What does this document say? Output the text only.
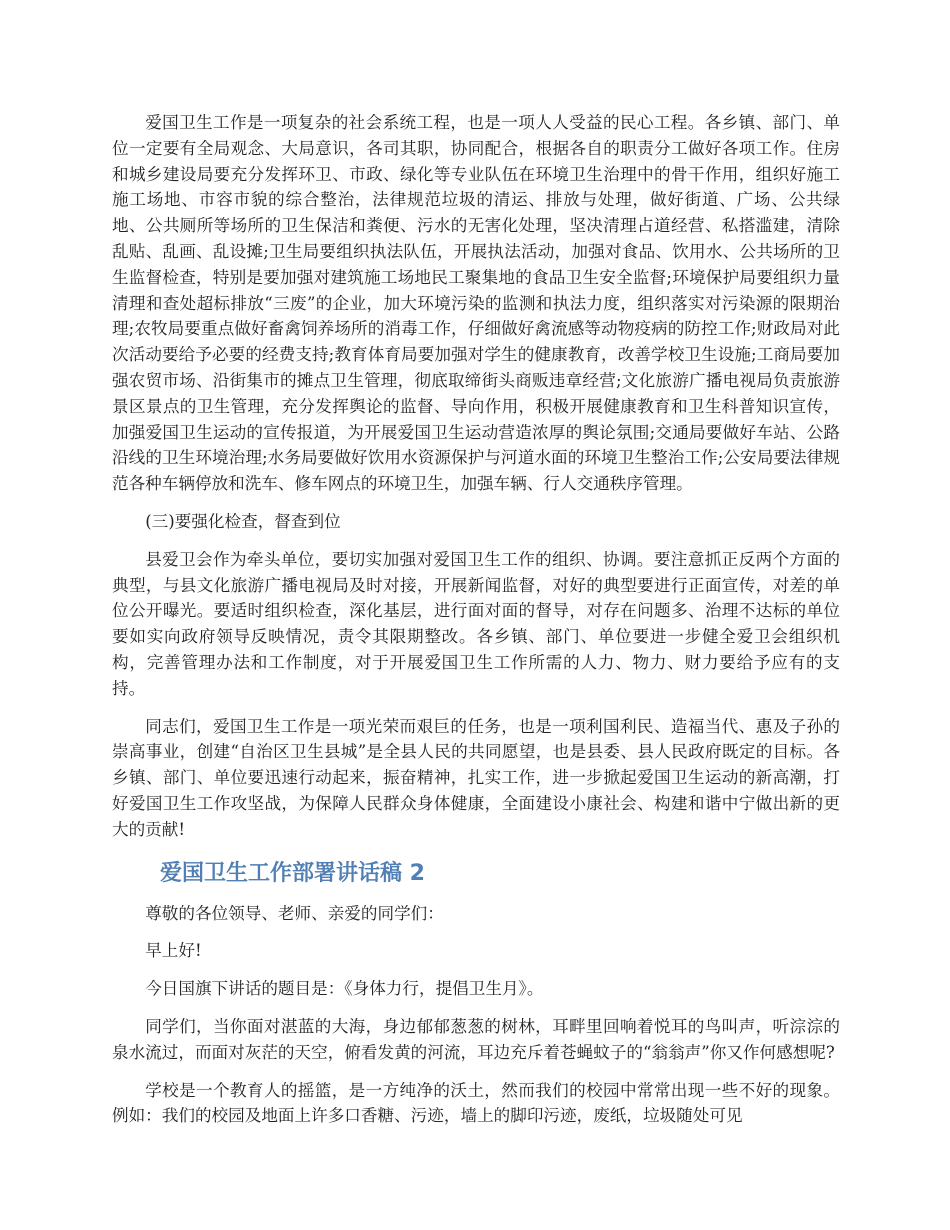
爱国卫生工作是一项复杂的社会系统工程，也是一项人人受益的民心工程。各乡镇、部门、单位一定要有全局观念、大局意识，各司其职，协同配合，根据各自的职责分工做好各项工作。住房和城乡建设局要充分发挥环卫、市政、绿化等专业队伍在环境卫生治理中的骨干作用，组织好施工施工场地、市容市貌的综合整治，法律规范垃圾的清运、排放与处理，做好街道、广场、公共绿地、公共厕所等场所的卫生保洁和粪便、污水的无害化处理，坚决清理占道经营、私搭滥建，清除乱贴、乱画、乱设摊;卫生局要组织执法队伍，开展执法活动，加强对食品、饮用水、公共场所的卫生监督检查，特别是要加强对建筑施工场地民工聚集地的食品卫生安全监督;环境保护局要组织力量清理和查处超标排放“三废”的企业，加大环境污染的监测和执法力度，组织落实对污染源的限期治理;农牧局要重点做好畜禽饲养场所的消毒工作，仔细做好禽流感等动物疫病的防控工作;财政局对此次活动要给予必要的经费支持;教育体育局要加强对学生的健康教育，改善学校卫生设施;工商局要加强农贸市场、沿街集市的摊点卫生管理，彻底取缔街头商贩违章经营;文化旅游广播电视局负责旅游景区景点的卫生管理，充分发挥舆论的监督、导向作用，积极开展健康教育和卫生科普知识宣传，加强爱国卫生运动的宣传报道，为开展爱国卫生运动营造浓厚的舆论氛围;交通局要做好车站、公路沿线的卫生环境治理;水务局要做好饮用水资源保护与河道水面的环境卫生整治工作;公安局要法律规范各种车辆停放和洗车、修车网点的环境卫生，加强车辆、行人交通秩序管理。

(三)要强化检查，督查到位

县爱卫会作为牵头单位，要切实加强对爱国卫生工作的组织、协调。要注意抓正反两个方面的典型，与县文化旅游广播电视局及时对接，开展新闻监督，对好的典型要进行正面宣传，对差的单位公开曝光。要适时组织检查，深化基层，进行面对面的督导，对存在问题多、治理不达标的单位要如实向政府领导反映情况，责令其限期整改。各乡镇、部门、单位要进一步健全爱卫会组织机构，完善管理办法和工作制度，对于开展爱国卫生工作所需的人力、物力、财力要给予应有的支持。

同志们，爱国卫生工作是一项光荣而艰巨的任务，也是一项利国利民、造福当代、惠及子孙的崇高事业，创建“自治区卫生县城”是全县人民的共同愿望，也是县委、县人民政府既定的目标。各乡镇、部门、单位要迅速行动起来，振奋精神，扎实工作，进一步掀起爱国卫生运动的新高潮，打好爱国卫生工作攻坚战，为保障人民群众身体健康，全面建设小康社会、构建和谐中宁做出新的更大的贡献!

爱国卫生工作部署讲话稿 2

尊敬的各位领导、老师、亲爱的同学们：

早上好!

今日国旗下讲话的题目是：《身体力行，提倡卫生月》。

同学们，当你面对湛蓝的大海，身边郁郁葱葱的树林，耳畔里回响着悦耳的鸟叫声，听淙淙的泉水流过，而面对灰茫的天空，俯看发黄的河流，耳边充斥着苍蝇蚊子的“翁翁声”你又作何感想呢?

学校是一个教育人的摇篮，是一方纯净的沃土，然而我们的校园中常常出现一些不好的现象。例如：我们的校园及地面上许多口香糖、污迹，墙上的脚印污迹，废纸，垃圾随处可见
